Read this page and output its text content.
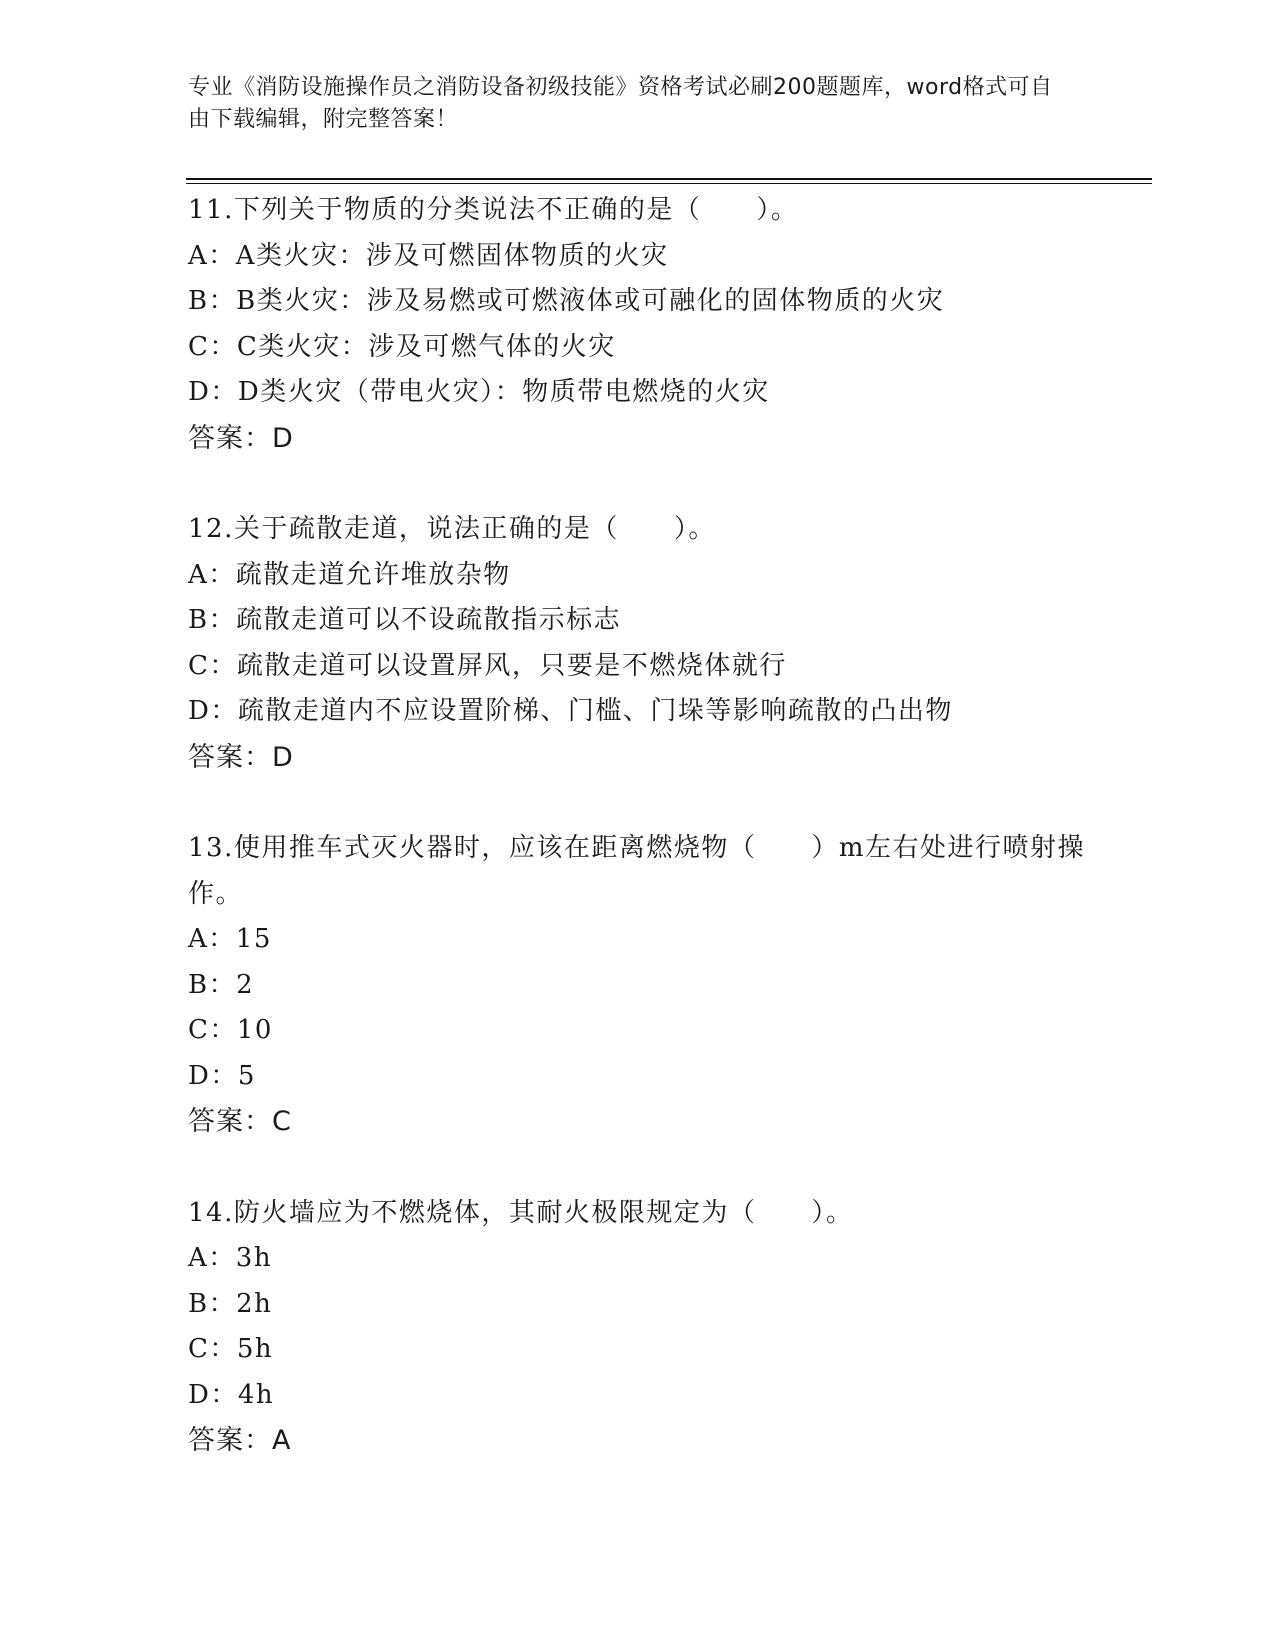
专业《消防设施操作员之消防设备初级技能》资格考试必刷200题题库，word格式可自由下载编辑，附完整答案！
11.下列关于物质的分类说法不正确的是（　　）。
A：A类火灾：涉及可燃固体物质的火灾
B：B类火灾：涉及易燃或可燃液体或可融化的固体物质的火灾
C：C类火灾：涉及可燃气体的火灾
D：D类火灾（带电火灾）：物质带电燃烧的火灾
答案：D
12.关于疏散走道，说法正确的是（　　）。
A：疏散走道允许堆放杂物
B：疏散走道可以不设疏散指示标志
C：疏散走道可以设置屏风，只要是不燃烧体就行
D：疏散走道内不应设置阶梯、门槛、门垛等影响疏散的凸出物
答案：D
13.使用推车式灭火器时，应该在距离燃烧物（　　）m左右处进行喷射操作。
A：15
B：2
C：10
D：5
答案：C
14.防火墙应为不燃烧体，其耐火极限规定为（　　）。
A：3h
B：2h
C：5h
D：4h
答案：A
